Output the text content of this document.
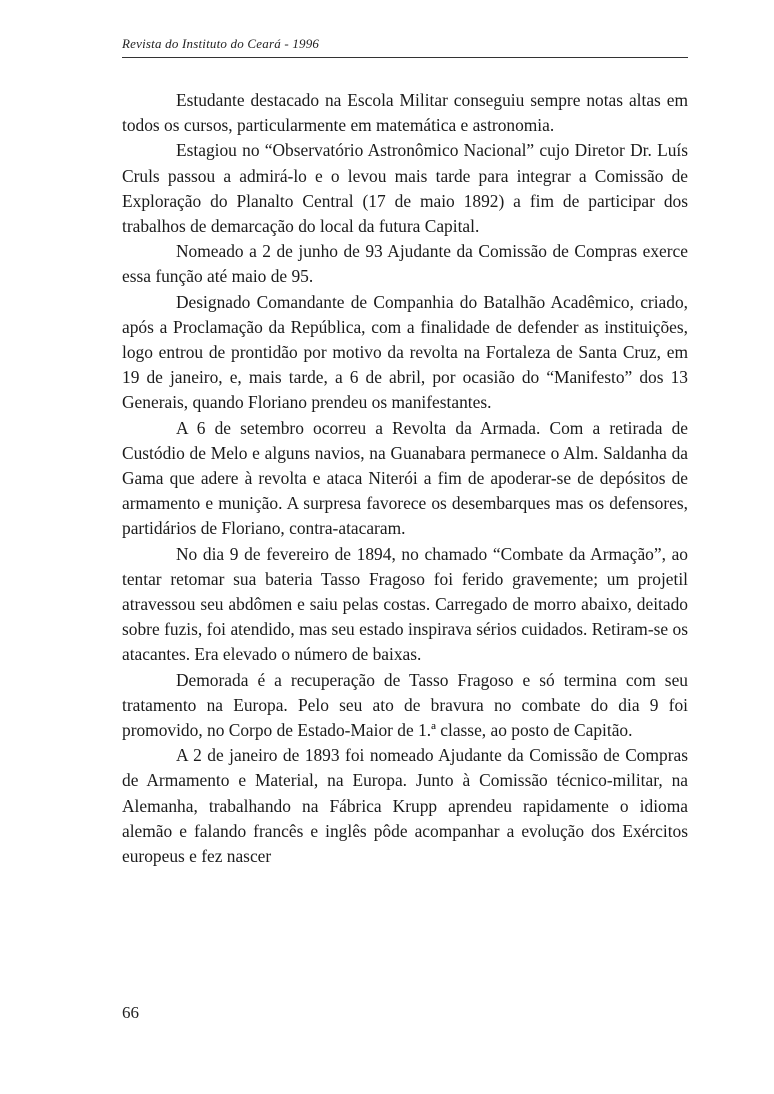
Revista do Instituto do Ceará - 1996

Estudante destacado na Escola Militar conseguiu sempre notas altas em todos os cursos, particularmente em matemática e astronomia.

Estagiou no “Observatório Astronômico Nacional” cujo Diretor Dr. Luís Cruls passou a admirá-lo e o levou mais tarde para integrar a Comissão de Exploração do Planalto Central (17 de maio 1892) a fim de participar dos trabalhos de demarcação do local da futura Capital.

Nomeado a 2 de junho de 93 Ajudante da Comissão de Compras exerce essa função até maio de 95.

Designado Comandante de Companhia do Batalhão Acadêmico, criado, após a Proclamação da República, com a finalidade de defender as instituições, logo entrou de prontidão por motivo da revolta na Fortaleza de Santa Cruz, em 19 de janeiro, e, mais tarde, a 6 de abril, por ocasião do “Manifesto” dos 13 Generais, quando Floriano prendeu os manifestantes.

A 6 de setembro ocorreu a Revolta da Armada. Com a retirada de Custódio de Melo e alguns navios, na Guanabara permanece o Alm. Saldanha da Gama que adere à revolta e ataca Niterói a fim de apoderar-se de depósitos de armamento e munição. A surpresa favorece os desembarques mas os defensores, partidários de Floriano, contra-atacaram.

No dia 9 de fevereiro de 1894, no chamado “Combate da Armação”, ao tentar retomar sua bateria Tasso Fragoso foi ferido gravemente; um projetil atravessou seu abdômen e saiu pelas costas. Carregado de morro abaixo, deitado sobre fuzis, foi atendido, mas seu estado inspirava sérios cuidados. Retiram-se os atacantes. Era elevado o número de baixas.

Demorada é a recuperação de Tasso Fragoso e só termina com seu tratamento na Europa. Pelo seu ato de bravura no combate do dia 9 foi promovido, no Corpo de Estado-Maior de 1.ª classe, ao posto de Capitão.

A 2 de janeiro de 1893 foi nomeado Ajudante da Comissão de Compras de Armamento e Material, na Europa. Junto à Comissão técnico-militar, na Alemanha, trabalhando na Fábrica Krupp aprendeu rapidamente o idioma alemão e falando francês e inglês pôde acompanhar a evolução dos Exércitos europeus e fez nascer

66
